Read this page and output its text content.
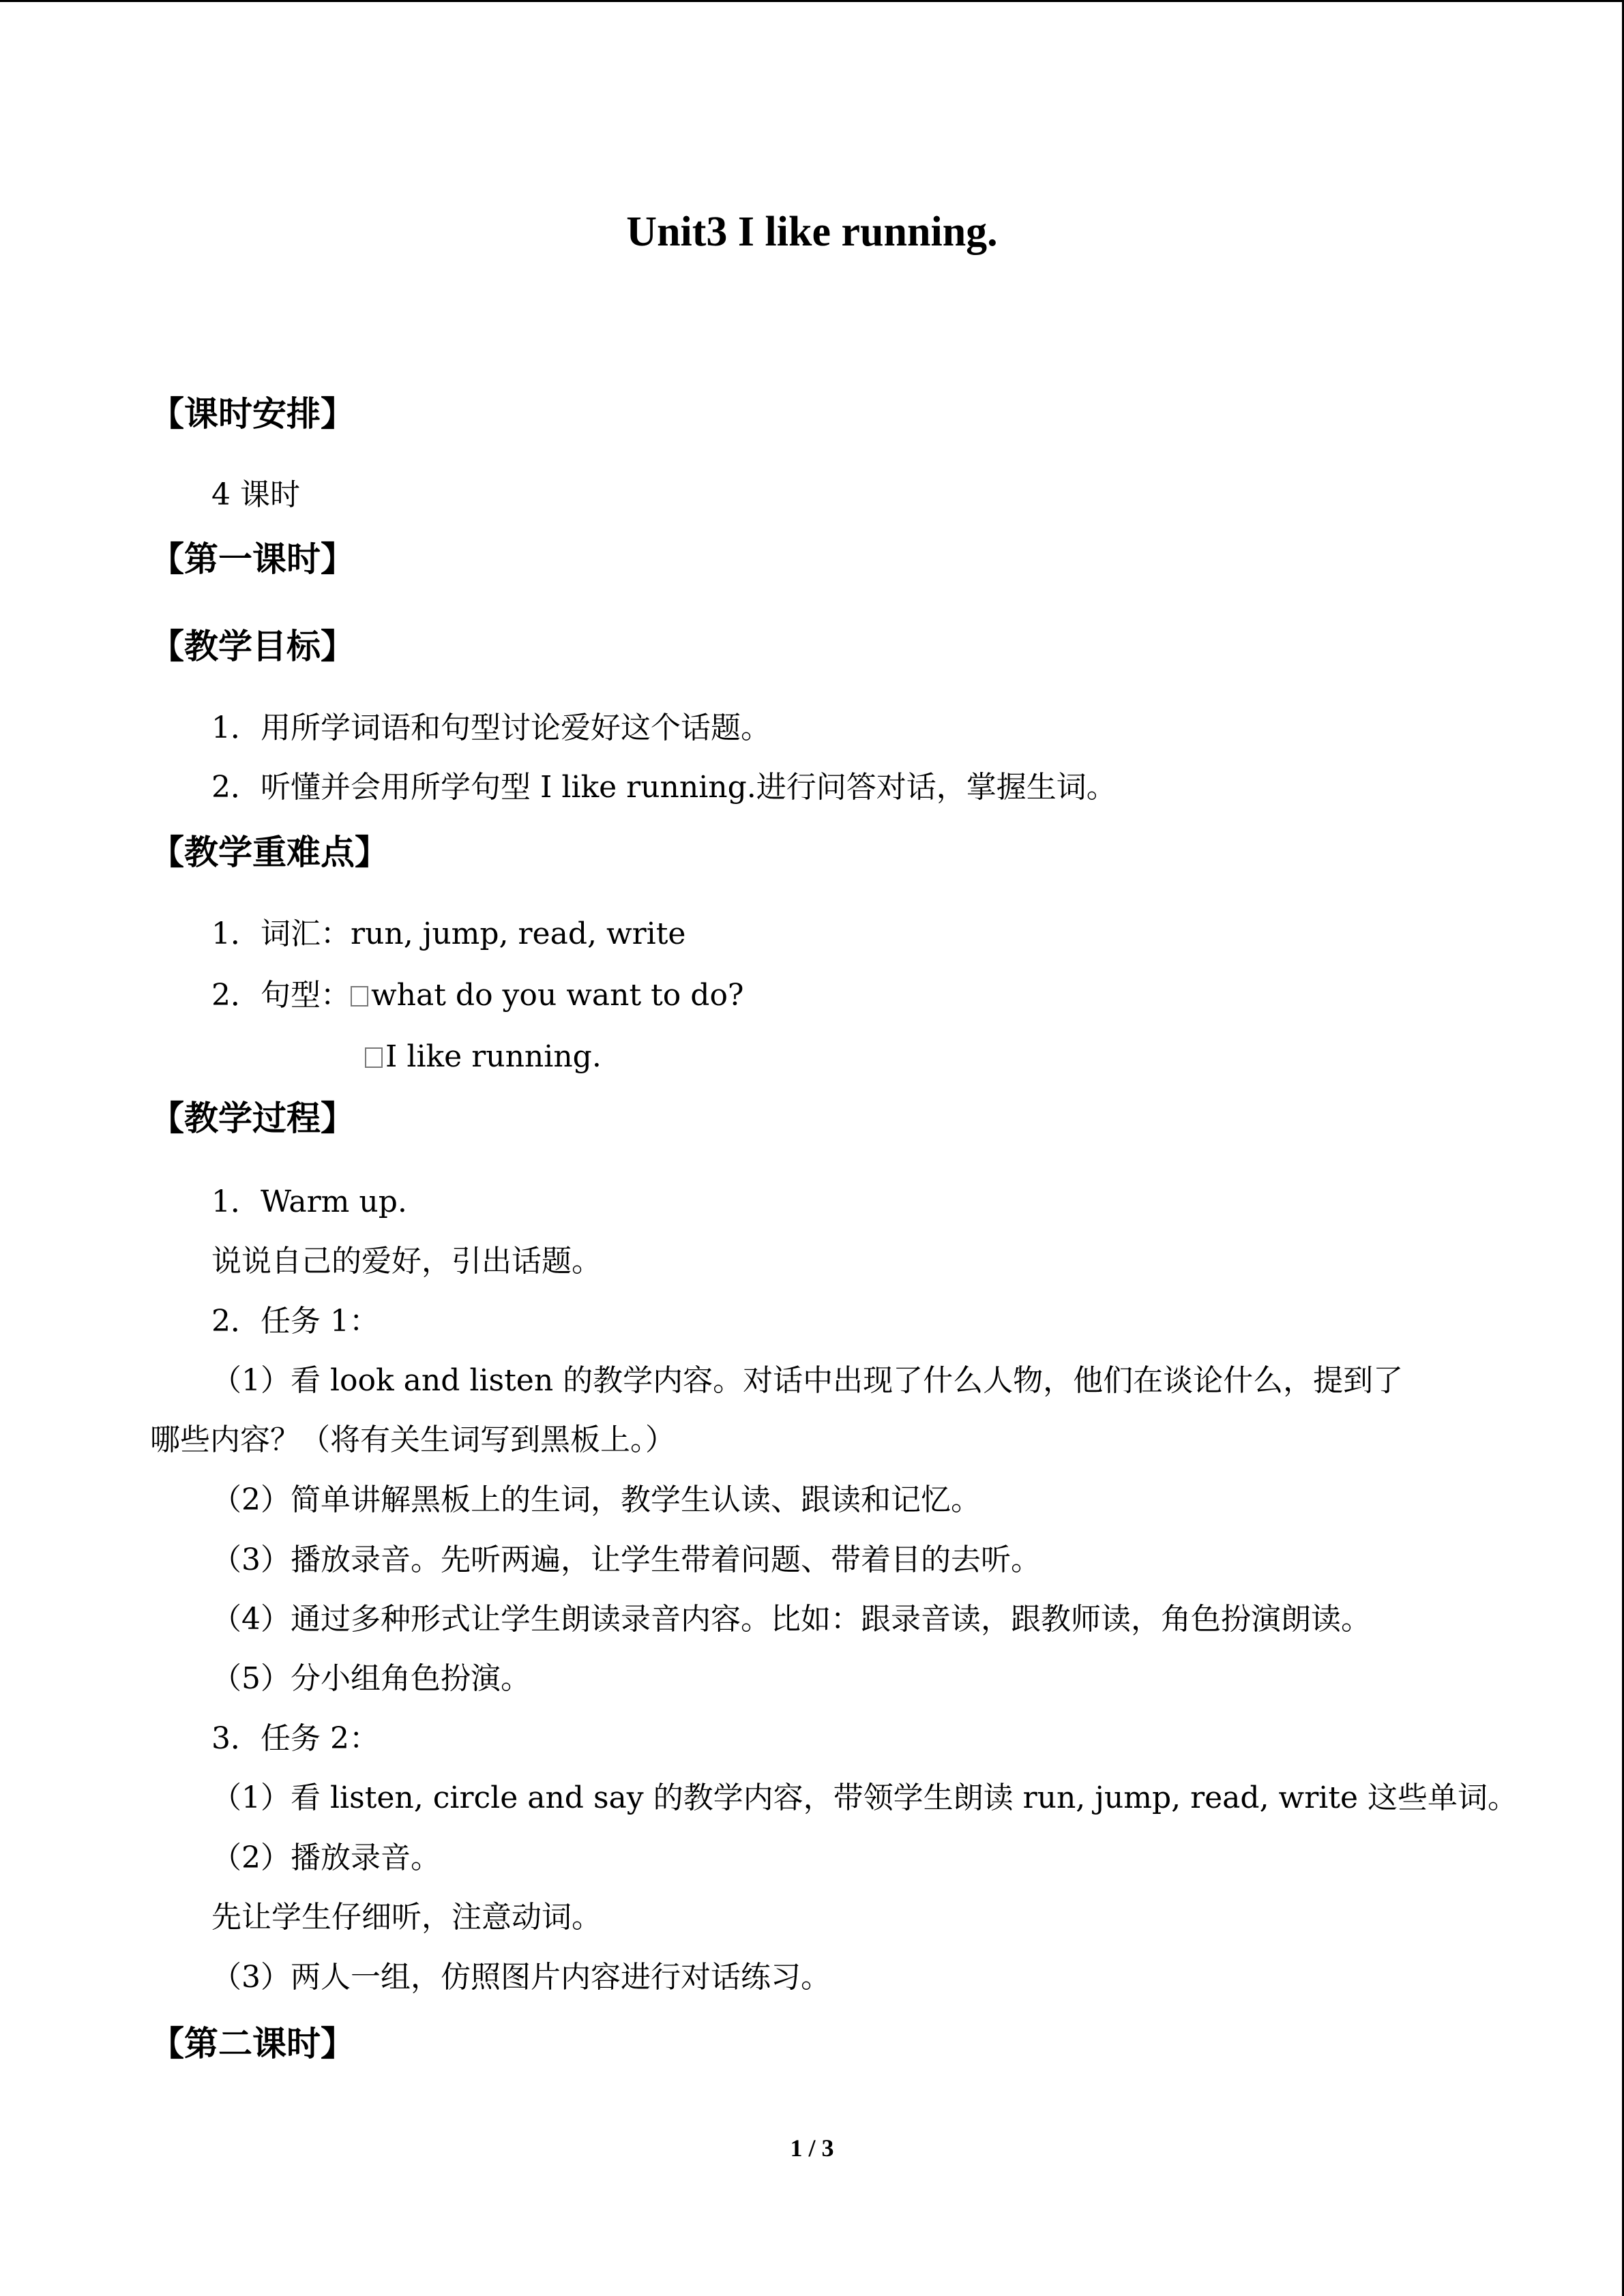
Unit3 I like running.
【课时安排】
4 课时
【第一课时】
【教学目标】
1．用所学词语和句型讨论爱好这个话题。
2．听懂并会用所学句型 I like running.进行问答对话，掌握生词。
【教学重难点】
1．词汇：run, jump, read, write
2．句型： what do you want to do?
I like running.
【教学过程】
1．Warm up.
说说自己的爱好，引出话题。
2．任务 1：
（1）看 look and listen 的教学内容。对话中出现了什么人物，他们在谈论什么，提到了
哪些内容？（将有关生词写到黑板上。）
（2）简单讲解黑板上的生词，教学生认读、跟读和记忆。
（3）播放录音。先听两遍，让学生带着问题、带着目的去听。
（4）通过多种形式让学生朗读录音内容。比如：跟录音读，跟教师读，角色扮演朗读。
（5）分小组角色扮演。
3．任务 2：
（1）看 listen, circle and say 的教学内容，带领学生朗读 run, jump, read, write 这些单词。
（2）播放录音。
先让学生仔细听，注意动词。
（3）两人一组，仿照图片内容进行对话练习。
【第二课时】
1 / 3
